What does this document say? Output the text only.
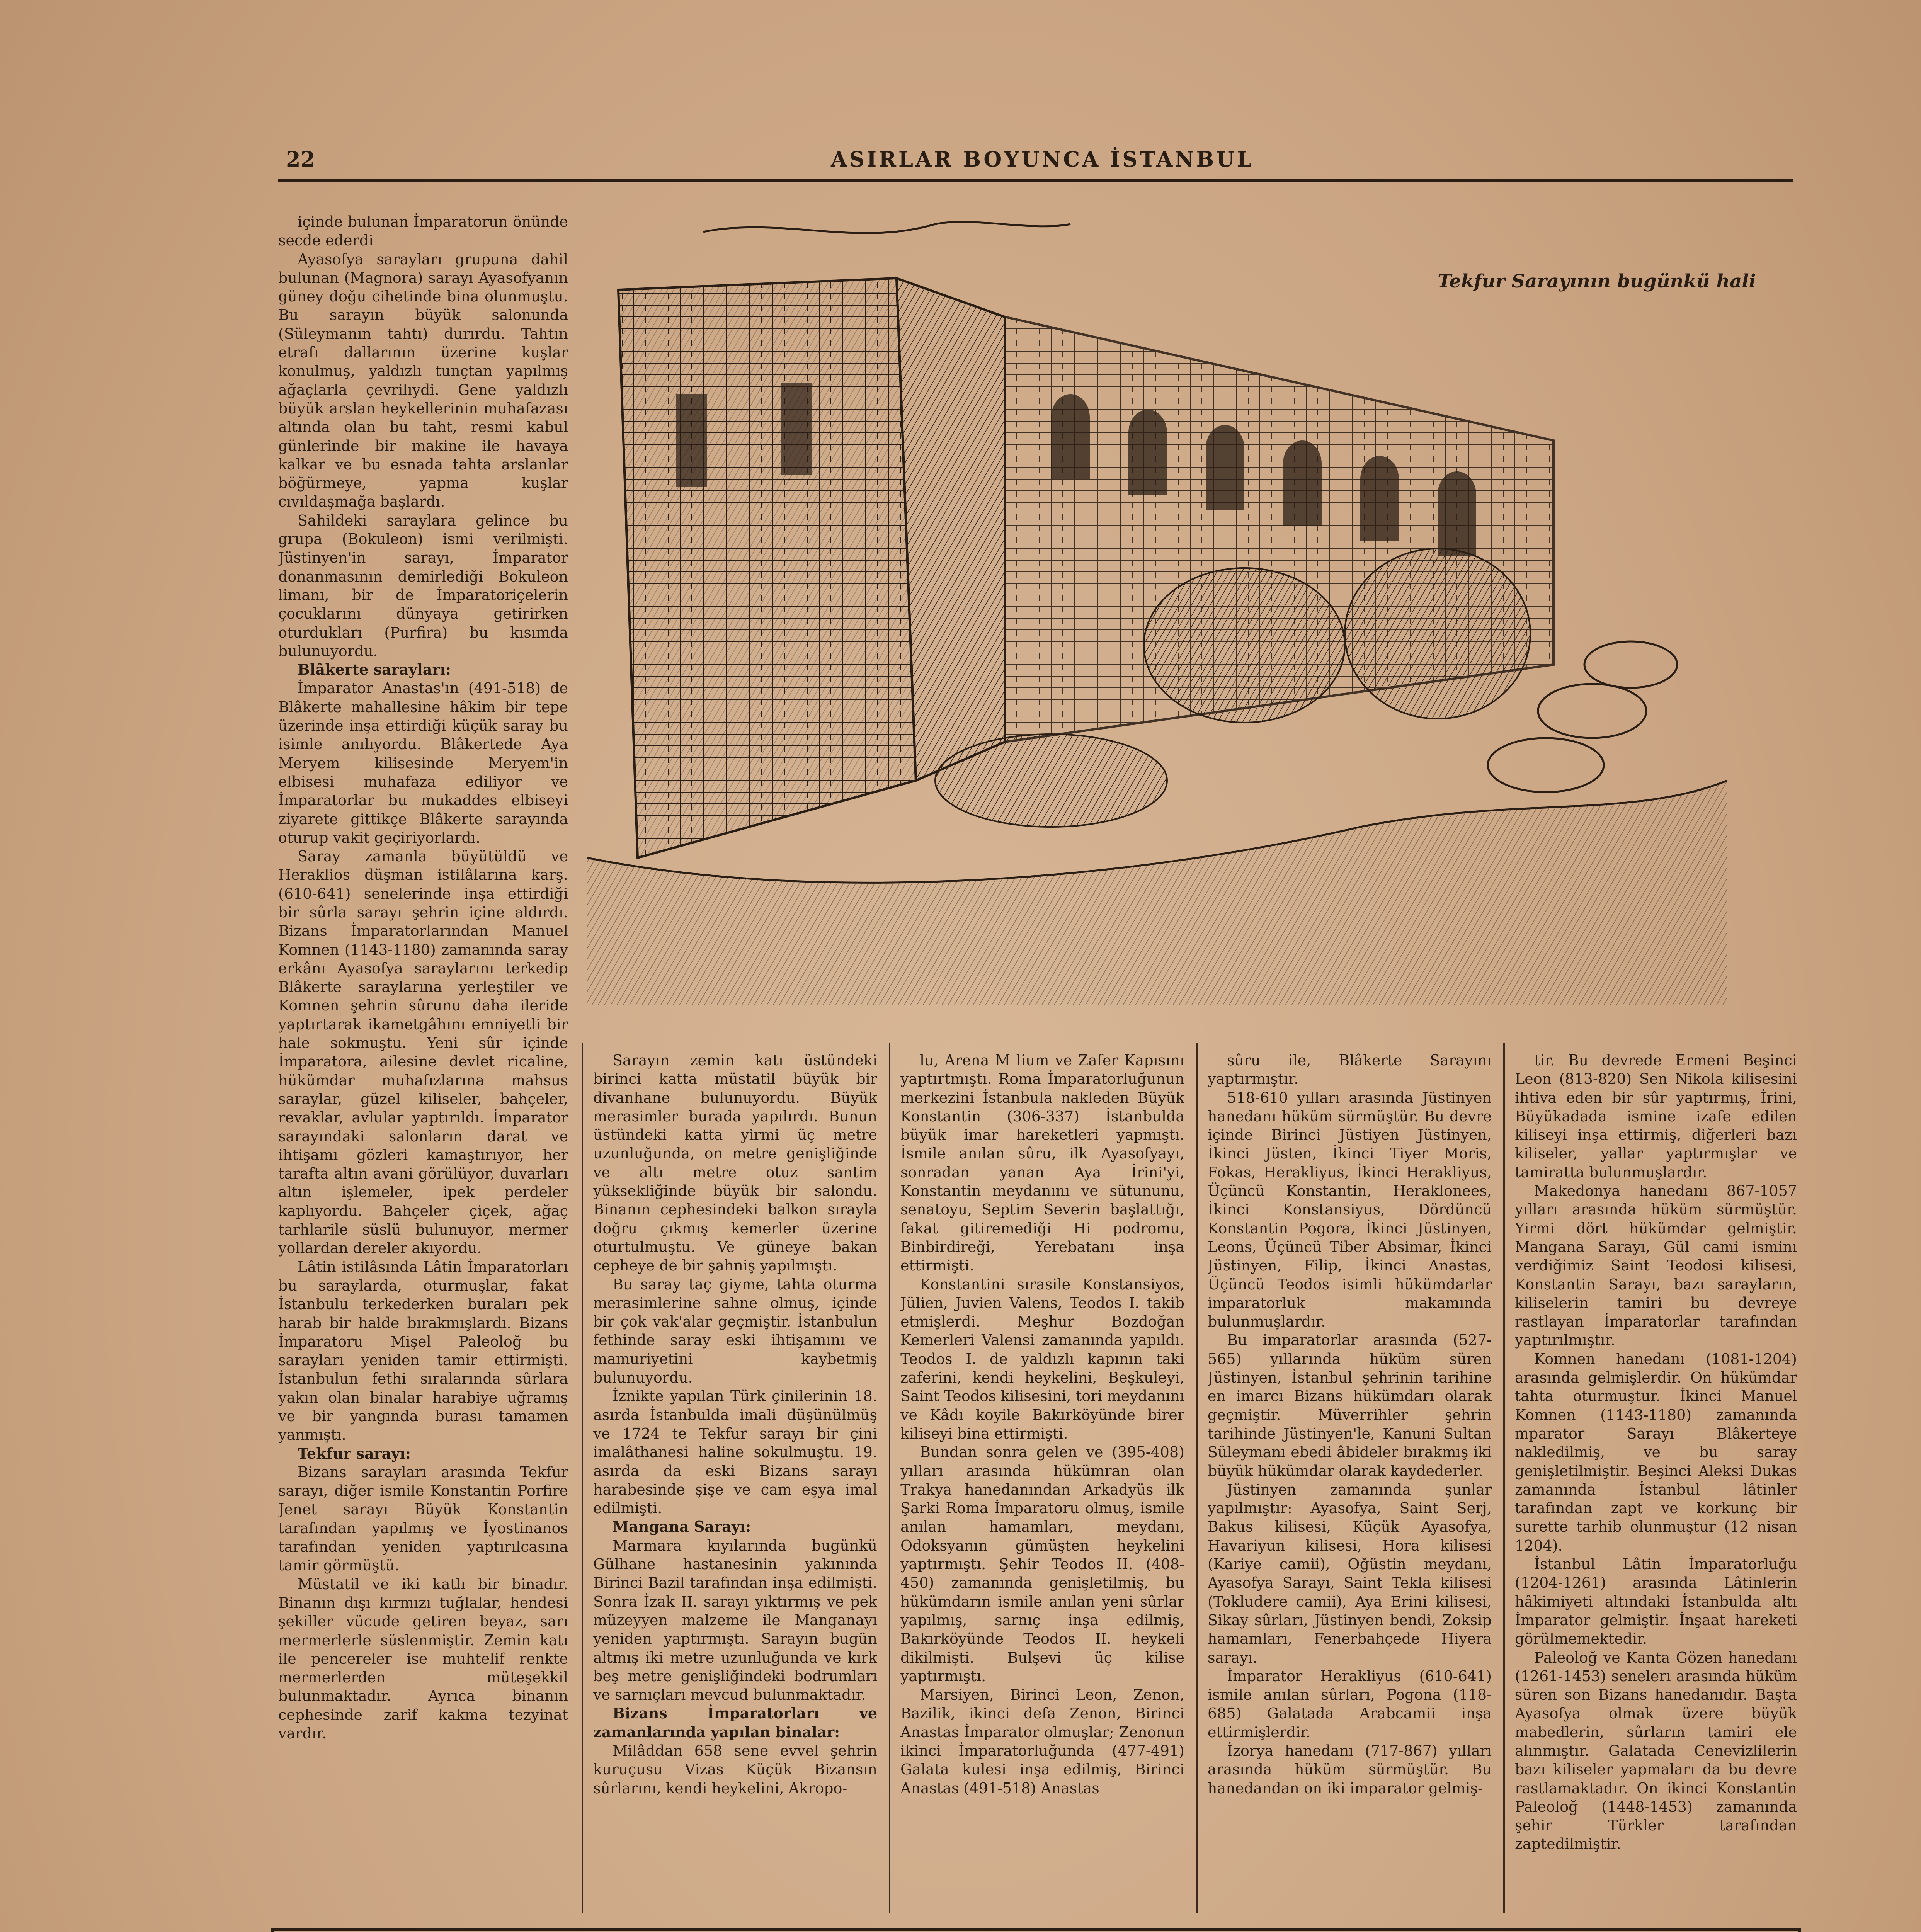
22	ASIRLAR BOYUNCA İSTANBUL
Tekfur Sarayının bugünkü hali

içinde bulunan İmparatorun önünde secde ederdi

Ayasofya sarayları grupuna dahil bulunan (Magnora) sarayı Ayasofyanın güney doğu cihetinde bina olunmuştu. Bu sarayın büyük salonunda (Süleymanın tahtı) durırdu. Tahtın etrafı dallarının üzerine kuşlar konulmuş, yaldızlı tunçtan yapılmış ağaçlarla çevrilıydi. Gene yaldızlı büyük arslan heykellerinin muhafazası altında olan bu taht, resmi kabul günlerinde bir makine ile havaya kalkar ve bu esnada tahta arslanlar böğürmeye, yapma kuşlar cıvıldaşmağa başlardı.

Sahildeki saraylara gelince bu grupa (Bokuleon) ismi verilmişti. Jüstinyen'in sarayı, İmparator donanmasının demirlediği Bokuleon limanı, bir de İmparatoriçelerin çocuklarını dünyaya getirirken oturdukları (Purfira) bu kısımda bulunuyordu.

Blâkerte sarayları:

İmparator Anastas'ın (491-518) de Blâkerte mahallesine hâkim bir tepe üzerinde inşa ettirdiği küçük saray bu isimle anılıyordu. Blâkertede Aya Meryem kilisesinde Meryem'in elbisesi muhafaza ediliyor ve İmparatorlar bu mukaddes elbiseyi ziyarete gittikçe Blâkerte sarayında oturup vakit geçiriyorlardı.

Saray zamanla büyütüldü ve Heraklios düşman istilâlarına karş. (610-641) senelerinde inşa ettirdiği bir sûrla sarayı şehrin içine aldırdı. Bizans İmparatorlarından Manuel Komnen (1143-1180) zamanında saray erkânı Ayasofya saraylarını terkedip Blâkerte saraylarına yerleştiler ve Komnen şehrin sûrunu daha ileride yaptırtarak ikametgâhını emniyetli bir hale sokmuştu. Yeni sûr içinde İmparatora, ailesine devlet ricaline, hükümdar muhafızlarına mahsus saraylar, güzel kiliseler, bahçeler, revaklar, avlular yaptırıldı. İmparator sarayındaki salonların darat ve ihtişamı gözleri kamaştırıyor, her tarafta altın avani görülüyor, duvarları altın işlemeler, ipek perdeler kaplıyordu. Bahçeler çiçek, ağaç tarhlarile süslü bulunuyor, mermer yollardan dereler akıyordu.

Lâtin istilâsında Lâtin İmparatorları bu saraylarda, oturmuşlar, fakat İstanbulu terkederken buraları pek harab bir halde bırakmışlardı. Bizans İmparatoru Mişel Paleoloğ bu sarayları yeniden tamir ettirmişti. İstanbulun fethi sıralarında sûrlara yakın olan binalar harabiye uğramış ve bir yangında burası tamamen yanmıştı.

Tekfur sarayı:

Bizans sarayları arasında Tekfur sarayı, diğer ismile Konstantin Porfire Jenet sarayı Büyük Konstantin tarafından yapılmış ve İyostinanos tarafından yeniden yaptırılcasına tamir görmüştü.

Müstatil ve iki katlı bir binadır. Binanın dışı kırmızı tuğlalar, hendesi şekiller vücude getiren beyaz, sarı mermerlerle süslenmiştir. Zemin katı ile pencereler ise muhtelif renkte mermerlerden müteşekkil bulunmaktadır. Ayrıca binanın cephesinde zarif kakma tezyinat vardır.

Sarayın zemin katı üstündeki birinci katta müstatil büyük bir divanhane bulunuyordu. Büyük merasimler burada yapılırdı. Bunun üstündeki katta yirmi üç metre uzunluğunda, on metre genişliğinde ve altı metre otuz santim yüksekliğinde büyük bir salondu. Binanın cephesindeki balkon sırayla doğru çıkmış kemerler üzerine oturtulmuştu. Ve güneye bakan cepheye de bir şahniş yapılmıştı.

Bu saray taç giyme, tahta oturma merasimlerine sahne olmuş, içinde bir çok vak'alar geçmiştir. İstanbulun fethinde saray eski ihtişamını ve mamuriyetini kaybetmiş bulunuyordu.

İznikte yapılan Türk çinilerinin 18. asırda İstanbulda imali düşünülmüş ve 1724 te Tekfur sarayı bir çini imalâthanesi haline sokulmuştu. 19. asırda da eski Bizans sarayı harabesinde şişe ve cam eşya imal edilmişti.

Mangana Sarayı:

Marmara kıyılarında bugünkü Gülhane hastanesinin yakınında Birinci Bazil tarafından inşa edilmişti. Sonra İzak II. sarayı yıktırmış ve pek müzeyyen malzeme ile Manganayı yeniden yaptırmıştı. Sarayın bugün altmış iki metre uzunluğunda ve kırk beş metre genişliğindeki bodrumları ve sarnıçları mevcud bulunmaktadır.

Bizans İmparatorları ve zamanlarında yapılan binalar:

Milâddan 658 sene evvel şehrin kuruçusu Vizas Küçük Bizansın sûrlarını, kendi heykelini, Akropo-

lu, Arena M lium ve Zafer Kapısını yaptırtmıştı. Roma İmparatorluğunun merkezini İstanbula nakleden Büyük Konstantin (306-337) İstanbulda büyük imar hareketleri yapmıştı. İsmile anılan sûru, ilk Ayasofyayı, sonradan yanan Aya İrini'yi, Konstantin meydanını ve sütununu, senatoyu, Septim Severin başlattığı, fakat gitiremediği Hi podromu, Binbirdireği, Yerebatanı inşa ettirmişti.

Konstantini sırasile Konstansiyos, Jülien, Juvien Valens, Teodos I. takib etmişlerdi. Meşhur Bozdoğan Kemerleri Valensi zamanında yapıldı. Teodos I. de yaldızlı kapının taki zaferini, kendi heykelini, Beşkuleyi, Saint Teodos kilisesini, tori meydanını ve Kâdı koyile Bakırköyünde birer kiliseyi bina ettirmişti.

Bundan sonra gelen ve (395-408) yılları arasında hükümran olan Trakya hanedanından Arkadyüs ilk Şarki Roma İmparatoru olmuş, ismile anılan hamamları, meydanı, Odoksyanın gümüşten heykelini yaptırmıştı. Şehir Teodos II. (408-450) zamanında genişletilmiş, bu hükümdarın ismile anılan yeni sûrlar yapılmış, sarnıç inşa edilmiş, Bakırköyünde Teodos II. heykeli dikilmişti. Bulşevi üç kilise yaptırmıştı.

Marsiyen, Birinci Leon, Zenon, Bazilik, ikinci defa Zenon, Birinci Anastas İmparator olmuşlar; Zenonun ikinci İmparatorluğunda (477-491) Galata kulesi inşa edilmiş, Birinci Anastas (491-518) Anastas

sûru ile, Blâkerte Sarayını yaptırmıştır.

518-610 yılları arasında Jüstinyen hanedanı hüküm sürmüştür. Bu devre içinde Birinci Jüstiyen Jüstinyen, İkinci Jüsten, İkinci Tiyer Moris, Fokas, Herakliyus, İkinci Herakliyus, Üçüncü Konstantin, Heraklonees, İkinci Konstansiyus, Dördüncü Konstantin Pogora, İkinci Jüstinyen, Leons, Üçüncü Tiber Absimar, İkinci Jüstinyen, Filip, İkinci Anastas, Üçüncü Teodos isimli hükümdarlar imparatorluk makamında bulunmuşlardır.

Bu imparatorlar arasında (527-565) yıllarında hüküm süren Jüstinyen, İstanbul şehrinin tarihine en imarcı Bizans hükümdarı olarak geçmiştir. Müverrihler şehrin tarihinde Jüstinyen'le, Kanuni Sultan Süleymanı ebedi âbideler bırakmış iki büyük hükümdar olarak kaydederler.

Jüstinyen zamanında şunlar yapılmıştır: Ayasofya, Saint Serj, Bakus kilisesi, Küçük Ayasofya, Havariyun kilisesi, Hora kilisesi (Kariye camii), Oğüstin meydanı, Ayasofya Sarayı, Saint Tekla kilisesi (Tokludere camii), Aya Erini kilisesi, Sikay sûrları, Jüstinyen bendi, Zoksip hamamları, Fenerbahçede Hiyera sarayı.

İmparator Herakliyus (610-641) ismile anılan sûrları, Pogona (118-685) Galatada Arabcamii inşa ettirmişlerdir.

İzorya hanedanı (717-867) yılları arasında hüküm sürmüştür. Bu hanedandan on iki imparator gelmiş-

tir. Bu devrede Ermeni Beşinci Leon (813-820) Sen Nikola kilisesini ihtiva eden bir sûr yaptırmış, İrini, Büyükadada ismine izafe edilen kiliseyi inşa ettirmiş, diğerleri bazı kiliseler, yallar yaptırmışlar ve tamiratta bulunmuşlardır.

Makedonya hanedanı 867-1057 yılları arasında hüküm sürmüştür. Yirmi dört hükümdar gelmiştir. Mangana Sarayı, Gül cami isminı verdiğimiz Saint Teodosi kilisesi, Konstantin Sarayı, bazı sarayların, kiliselerin tamiri bu devreye rastlayan İmparatorlar tarafından yaptırılmıştır.

Komnen hanedanı (1081-1204) arasında gelmişlerdir. On hükümdar tahta oturmuştur. İkinci Manuel Komnen (1143-1180) zamanında mparator Sarayı Blâkerteye nakledilmiş, ve bu saray genişletilmiştir. Beşinci Aleksi Dukas zamanında İstanbul lâtinler tarafından zapt ve korkunç bir surette tarhib olunmuştur (12 nisan 1204).

İstanbul Lâtin İmparatorluğu (1204-1261) arasında Lâtinlerin hâkimiyeti altındaki İstanbulda altı İmparator gelmiştir. İnşaat hareketi görülmemektedir.

Paleoloğ ve Kanta Gözen hanedanı (1261-1453) senelerı arasında hüküm süren son Bizans hanedanıdır. Başta Ayasofya olmak üzere büyük mabedlerin, sûrların tamiri ele alınmıştır. Galatada Cenevizlilerin bazı kiliseler yapmaları da bu devre rastlamaktadır. On ikinci Konstantin Paleoloğ (1448-1453) zamanında şehir Türkler tarafından zaptedilmiştir.
